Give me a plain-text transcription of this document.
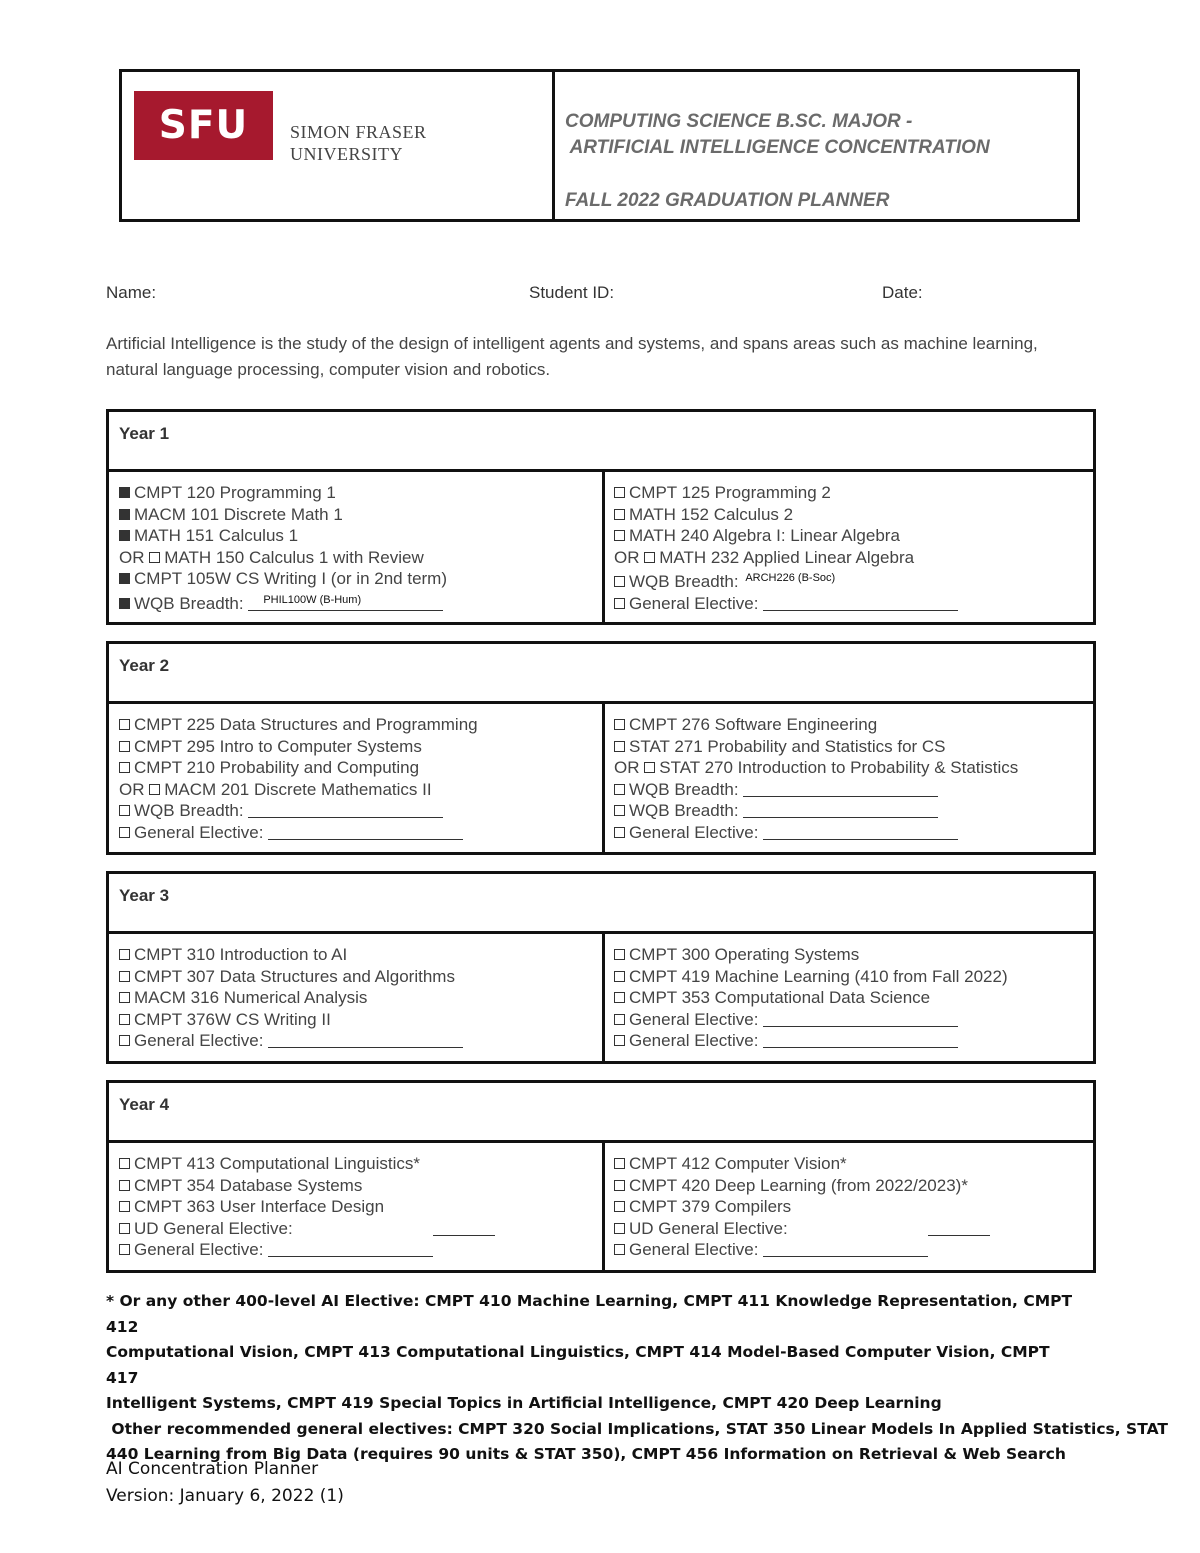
SFU SIMON FRASER
UNIVERSITY
COMPUTING SCIENCE B.SC. MAJOR -
ARTIFICIAL INTELLIGENCE CONCENTRATION
FALL 2022 GRADUATION PLANNER
Name:	Student ID:	Date:
Artificial Intelligence is the study of the design of intelligent agents and systems, and spans areas such as machine learning, natural language processing, computer vision and robotics.
Year 1
CMPT 120 Programming 1
MACM 101 Discrete Math 1
MATH 151 Calculus 1
OR MATH 150 Calculus 1 with Review
CMPT 105W CS Writing I (or in 2nd term)
WQB Breadth: $^{PHIL100W (B-Hum)}$
CMPT 125 Programming 2
MATH 152 Calculus 2
MATH 240 Algebra I: Linear Algebra
OR MATH 232 Applied Linear Algebra
WQB Breadth: $^{ARCH226 (B-Soc)}$
General Elective:
Year 2
CMPT 225 Data Structures and Programming
CMPT 295 Intro to Computer Systems
CMPT 210 Probability and Computing
OR MACM 201 Discrete Mathematics II
WQB Breadth:
General Elective:
CMPT 276 Software Engineering
STAT 271 Probability and Statistics for CS
OR STAT 270 Introduction to Probability & Statistics
WQB Breadth:
WQB Breadth:
General Elective:
Year 3
CMPT 310 Introduction to AI
CMPT 307 Data Structures and Algorithms
MACM 316 Numerical Analysis
CMPT 376W CS Writing II
General Elective:
CMPT 300 Operating Systems
CMPT 419 Machine Learning (410 from Fall 2022)
CMPT 353 Computational Data Science
General Elective:
General Elective:
Year 4
CMPT 413 Computational Linguistics*
CMPT 354 Database Systems
CMPT 363 User Interface Design
UD General Elective:
General Elective:
CMPT 412 Computer Vision*
CMPT 420 Deep Learning (from 2022/2023)*
CMPT 379 Compilers
UD General Elective:
General Elective:
* Or any other 400-level AI Elective: CMPT 410 Machine Learning, CMPT 411 Knowledge Representation, CMPT 412
Computational Vision, CMPT 413 Computational Linguistics, CMPT 414 Model-Based Computer Vision, CMPT 417
Intelligent Systems, CMPT 419 Special Topics in Artificial Intelligence, CMPT 420 Deep Learning
Other recommended general electives: CMPT 320 Social Implications, STAT 350 Linear Models In Applied Statistics, STAT
440 Learning from Big Data (requires 90 units & STAT 350), CMPT 456 Information on Retrieval & Web Search
AI Concentration Planner
Version: January 6, 2022 (1)
